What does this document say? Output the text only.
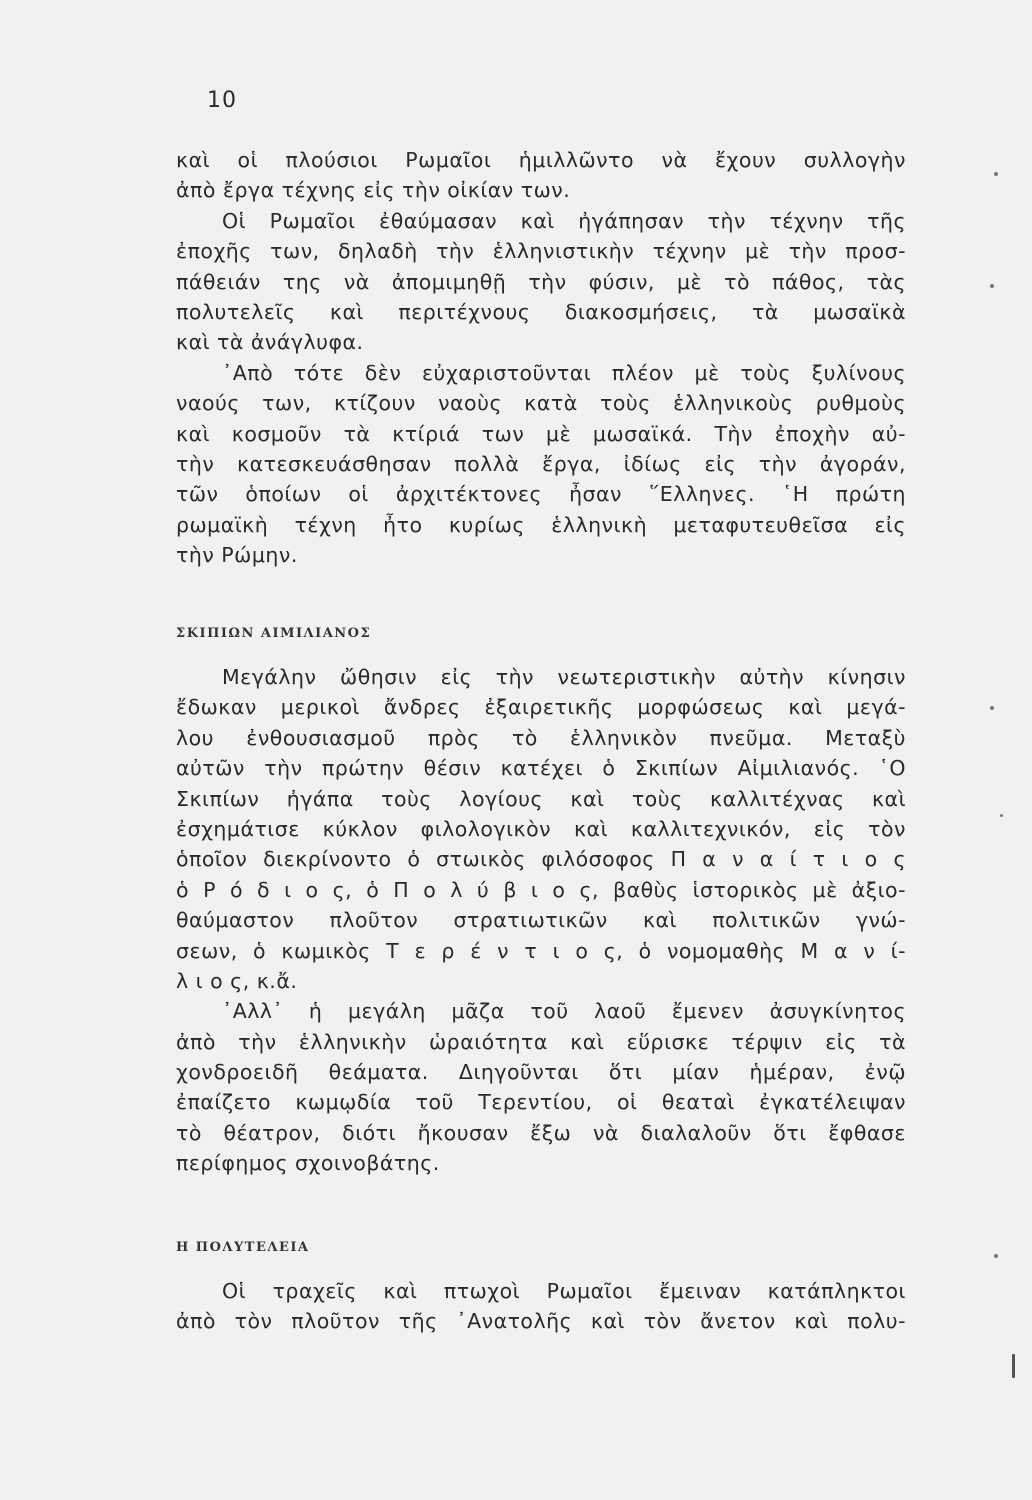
10
καὶ οἱ πλούσιοι Ρωμαῖοι ἡμιλλῶντο νὰ ἔχουν συλλογὴν
ἀπὸ ἔργα τέχνης εἰς τὴν οἰκίαν των.
Οἱ Ρωμαῖοι ἐθαύμασαν καὶ ἠγάπησαν τὴν τέχνην τῆς
ἐποχῆς των, δηλαδὴ τὴν ἑλληνιστικὴν τέχνην μὲ τὴν προσ-
πάθειάν της νὰ ἀπομιμηθῇ τὴν φύσιν, μὲ τὸ πάθος, τὰς
πολυτελεῖς καὶ περιτέχνους διακοσμήσεις, τὰ μωσαϊκὰ
καὶ τὰ ἀνάγλυφα.
᾿Απὸ τότε δὲν εὐχαριστοῦνται πλέον μὲ τοὺς ξυλίνους
ναούς των, κτίζουν ναοὺς κατὰ τοὺς ἑλληνικοὺς ρυθμοὺς
καὶ κοσμοῦν τὰ κτίριά των μὲ μωσαϊκά. Τὴν ἐποχὴν αὐ-
τὴν κατεσκευάσθησαν πολλὰ ἔργα, ἰδίως εἰς τὴν ἀγοράν,
τῶν ὁποίων οἱ ἀρχιτέκτονες ἦσαν ῞Ελληνες. ῾Η πρώτη
ρωμαϊκὴ τέχνη ἦτο κυρίως ἑλληνικὴ μεταφυτευθεῖσα εἰς
τὴν Ρώμην.
ΣΚΙΠΙΩΝ ΑΙΜΙΛΙΑΝΟΣ
Μεγάλην ὤθησιν εἰς τὴν νεωτεριστικὴν αὐτὴν κίνησιν
ἔδωκαν μερικοὶ ἄνδρες ἐξαιρετικῆς μορφώσεως καὶ μεγά-
λου ἐνθουσιασμοῦ πρὸς τὸ ἑλληνικὸν πνεῦμα. Μεταξὺ
αὐτῶν τὴν πρώτην θέσιν κατέχει ὁ Σκιπίων Αἰμιλιανός. ῾Ο
Σκιπίων ἠγάπα τοὺς λογίους καὶ τοὺς καλλιτέχνας καὶ
ἐσχημάτισε κύκλον φιλολογικὸν καὶ καλλιτεχνικόν, εἰς τὸν
ὁποῖον διεκρίνοντο ὁ στωικὸς φιλόσοφος Π α ν α ί τ ι ο ς
ὁ Ρ ό δ ι ο ς, ὁ Π ο λ ύ β ι ο ς, βαθὺς ἱστορικὸς μὲ ἀξιο-
θαύμαστον πλοῦτον στρατιωτικῶν καὶ πολιτικῶν γνώ-
σεων, ὁ κωμικὸς Τ ε ρ έ ν τ ι ο ς, ὁ νομομαθὴς Μ α ν ί-
λ ι ο ς, κ.ἄ.
᾿Αλλ᾿ ἡ μεγάλη μᾶζα τοῦ λαοῦ ἔμενεν ἀσυγκίνητος
ἀπὸ τὴν ἑλληνικὴν ὡραιότητα καὶ εὕρισκε τέρψιν εἰς τὰ
χονδροειδῆ θεάματα. Διηγοῦνται ὅτι μίαν ἡμέραν, ἐνῷ
ἐπαίζετο κωμῳδία τοῦ Τερεντίου, οἱ θεαταὶ ἐγκατέλειψαν
τὸ θέατρον, διότι ἤκουσαν ἔξω νὰ διαλαλοῦν ὅτι ἔφθασε
περίφημος σχοινοβάτης.
Η ΠΟΛΥΤΕΛΕΙΑ
Οἱ τραχεῖς καὶ πτωχοὶ Ρωμαῖοι ἔμειναν κατάπληκτοι
ἀπὸ τὸν πλοῦτον τῆς ᾿Ανατολῆς καὶ τὸν ἄνετον καὶ πολυ-
